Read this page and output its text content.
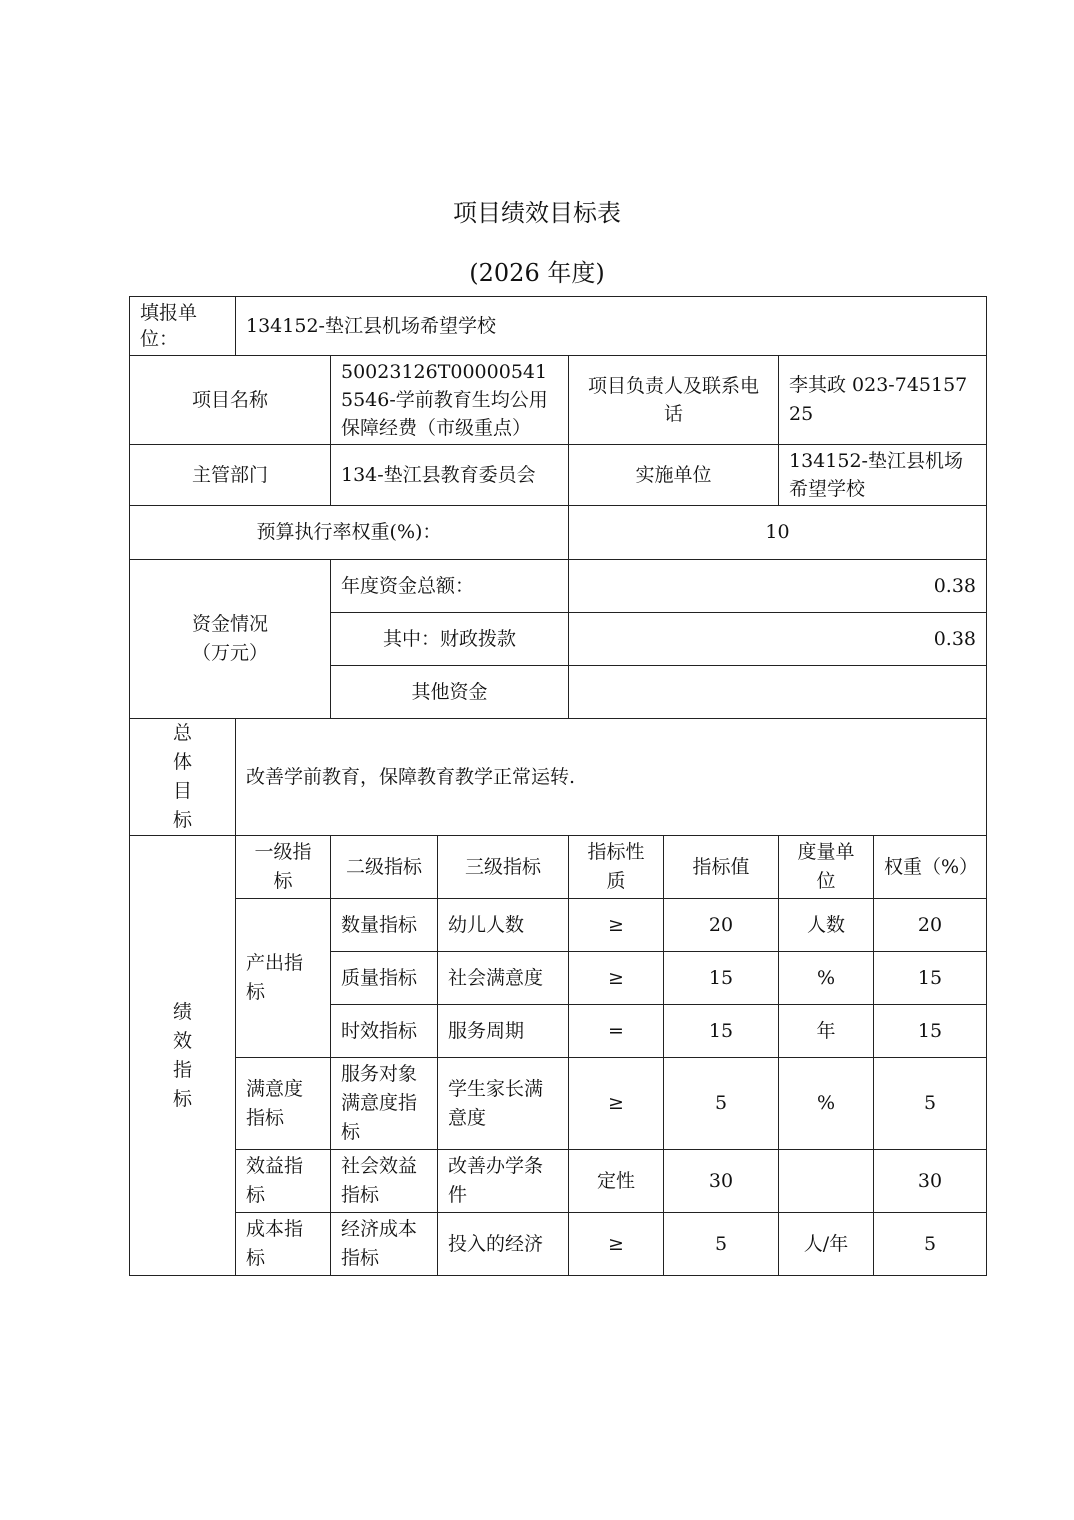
项目绩效目标表
(2026 年度)
填报单位：	134152-垫江县机场希望学校						
项目名称		50023126T000005415546-学前教育生均公用保障经费（市级重点）		项目负责人及联系电话		李其政 023-74515725	
主管部门		134-垫江县教育委员会		实施单位		134152-垫江县机场希望学校	
预算执行率权重(%)：				10			

资金情况
（万元）		年度资金总额：		0.38			
		其中：财政拨款		0.38			
		其他资金					

总
体
目
标	改善学前教育，保障教育教学正常运转.						

绩
效
指
标	一级指标	二级指标	三级指标	指标性质	指标值	度量单位	权重（%）
	产出指标	数量指标	幼儿人数	≥	20	人数	20
		质量指标	社会满意度	≥	15	%	15
		时效指标	服务周期	=	15	年	15
	满意度指标	服务对象满意度指标	学生家长满意度	≥	5	%	5
	效益指标	社会效益指标	改善办学条件	定性	30		30
	成本指标	经济成本指标	投入的经济	≥	5	人/年	5
